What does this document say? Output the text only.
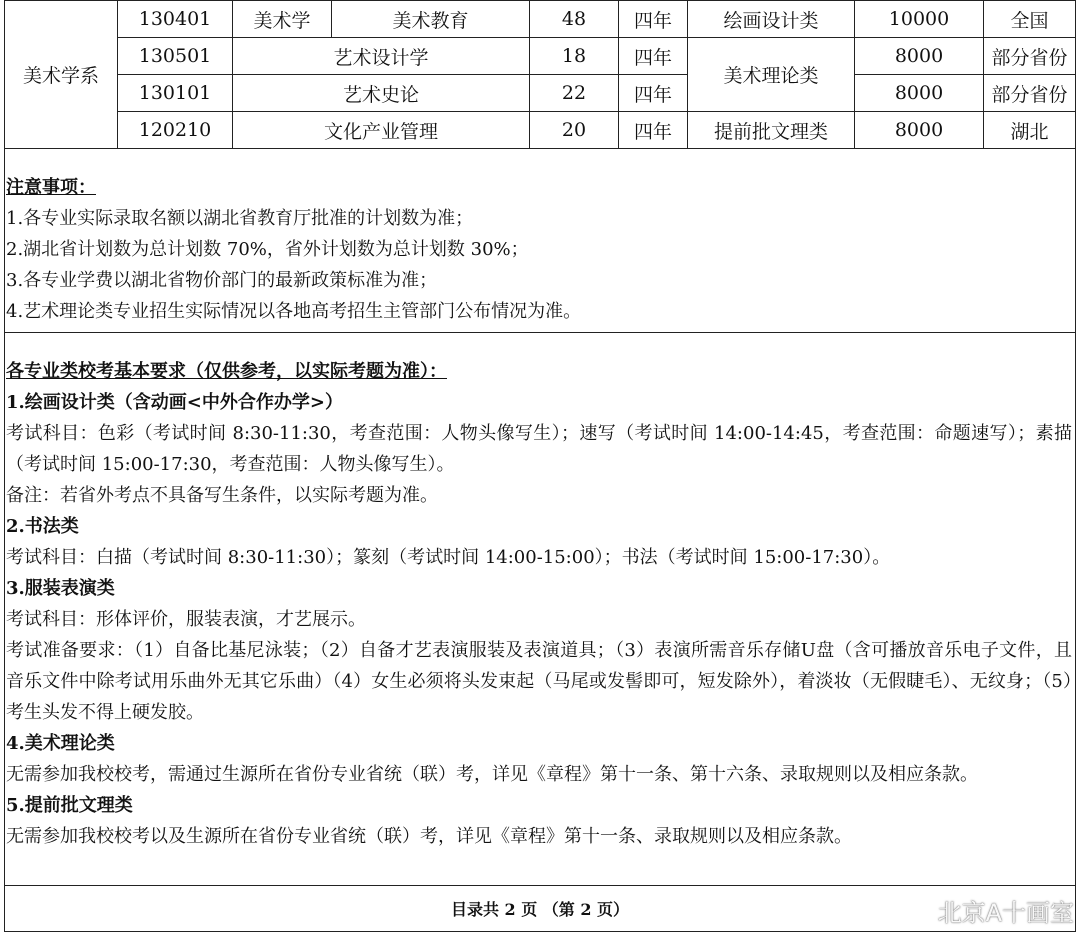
美术学系	130401	美术学	美术教育	48	四年	绘画设计类	10000	全国
	130501	艺术设计学		18	四年	美术理论类	8000	部分省份
	130101	艺术史论		22	四年		8000	部分省份
	120210	文化产业管理		20	四年	提前批文理类	8000	湖北
注意事项：
1.各专业实际录取名额以湖北省教育厅批准的计划数为准；
2.湖北省计划数为总计划数 70%，省外计划数为总计划数 30%；
3.各专业学费以湖北省物价部门的最新政策标准为准；
4.艺术理论类专业招生实际情况以各地高考招生主管部门公布情况为准。
各专业类校考基本要求（仅供参考，以实际考题为准）：
1.绘画设计类（含动画<中外合作办学>）
考试科目：色彩（考试时间 8:30-11:30，考查范围：人物头像写生）；速写（考试时间 14:00-14:45，考查范围：命题速写）；素描（考试时间 15:00-17:30，考查范围：人物头像写生）。
备注：若省外考点不具备写生条件，以实际考题为准。
2.书法类
考试科目：白描（考试时间 8:30-11:30）；篆刻（考试时间 14:00-15:00）；书法（考试时间 15:00-17:30）。
3.服装表演类
考试科目：形体评价，服装表演，才艺展示。
考试准备要求：（1）自备比基尼泳装；（2）自备才艺表演服装及表演道具；（3）表演所需音乐存储U盘（含可播放音乐电子文件，且音乐文件中除考试用乐曲外无其它乐曲）（4）女生必须将头发束起（马尾或发髻即可，短发除外），着淡妆（无假睫毛）、无纹身；（5）考生头发不得上硬发胶。
4.美术理论类
无需参加我校校考，需通过生源所在省份专业省统（联）考，详见《章程》第十一条、第十六条、录取规则以及相应条款。
5.提前批文理类
无需参加我校校考以及生源所在省份专业省统（联）考，详见《章程》第十一条、录取规则以及相应条款。
目录共 2 页 （第 2 页）	北京A十画室
